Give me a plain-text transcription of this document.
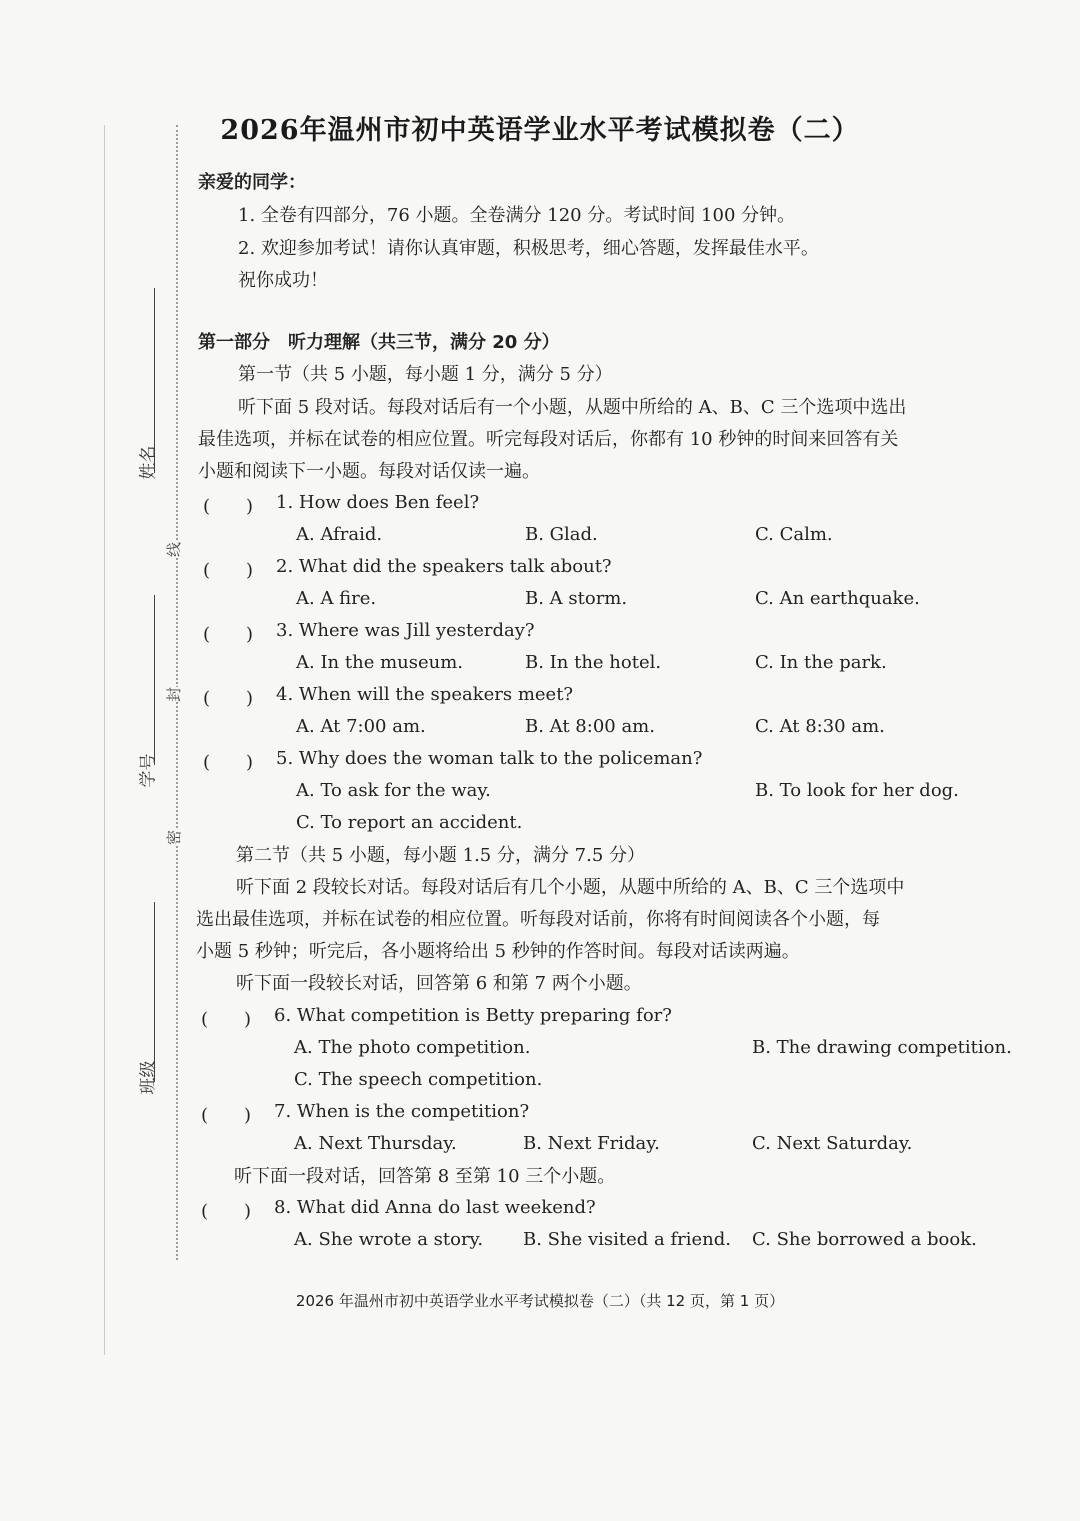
姓名
学号
班级
线
封
密
2026年温州市初中英语学业水平考试模拟卷（二）
亲爱的同学：
1. 全卷有四部分，76 小题。全卷满分 120 分。考试时间 100 分钟。
2. 欢迎参加考试！请你认真审题，积极思考，细心答题，发挥最佳水平。
祝你成功！
第一部分　听力理解（共三节，满分 20 分）
第一节（共 5 小题，每小题 1 分，满分 5 分）
听下面 5 段对话。每段对话后有一个小题，从题中所给的 A、B、C 三个选项中选出
最佳选项，并标在试卷的相应位置。听完每段对话后，你都有 10 秒钟的时间来回答有关
小题和阅读下一小题。每段对话仅读一遍。
(　　) 1. How does Ben feel?
A. Afraid.	B. Glad.	C. Calm.
(　　) 2. What did the speakers talk about?
A. A fire.	B. A storm.	C. An earthquake.
(　　) 3. Where was Jill yesterday?
A. In the museum.	B. In the hotel.	C. In the park.
(　　) 4. When will the speakers meet?
A. At 7:00 am.	B. At 8:00 am.	C. At 8:30 am.
(　　) 5. Why does the woman talk to the policeman?
A. To ask for the way.	B. To look for her dog.
C. To report an accident.
第二节（共 5 小题，每小题 1.5 分，满分 7.5 分）
听下面 2 段较长对话。每段对话后有几个小题，从题中所给的 A、B、C 三个选项中
选出最佳选项，并标在试卷的相应位置。听每段对话前，你将有时间阅读各个小题，每
小题 5 秒钟；听完后，各小题将给出 5 秒钟的作答时间。每段对话读两遍。
听下面一段较长对话，回答第 6 和第 7 两个小题。
(　　) 6. What competition is Betty preparing for?
A. The photo competition.	B. The drawing competition.
C. The speech competition.
(　　) 7. When is the competition?
A. Next Thursday.	B. Next Friday.	C. Next Saturday.
听下面一段对话，回答第 8 至第 10 三个小题。
(　　) 8. What did Anna do last weekend?
A. She wrote a story. B. She visited a friend. C. She borrowed a book.
2026 年温州市初中英语学业水平考试模拟卷（二）（共 12 页，第 1 页）
